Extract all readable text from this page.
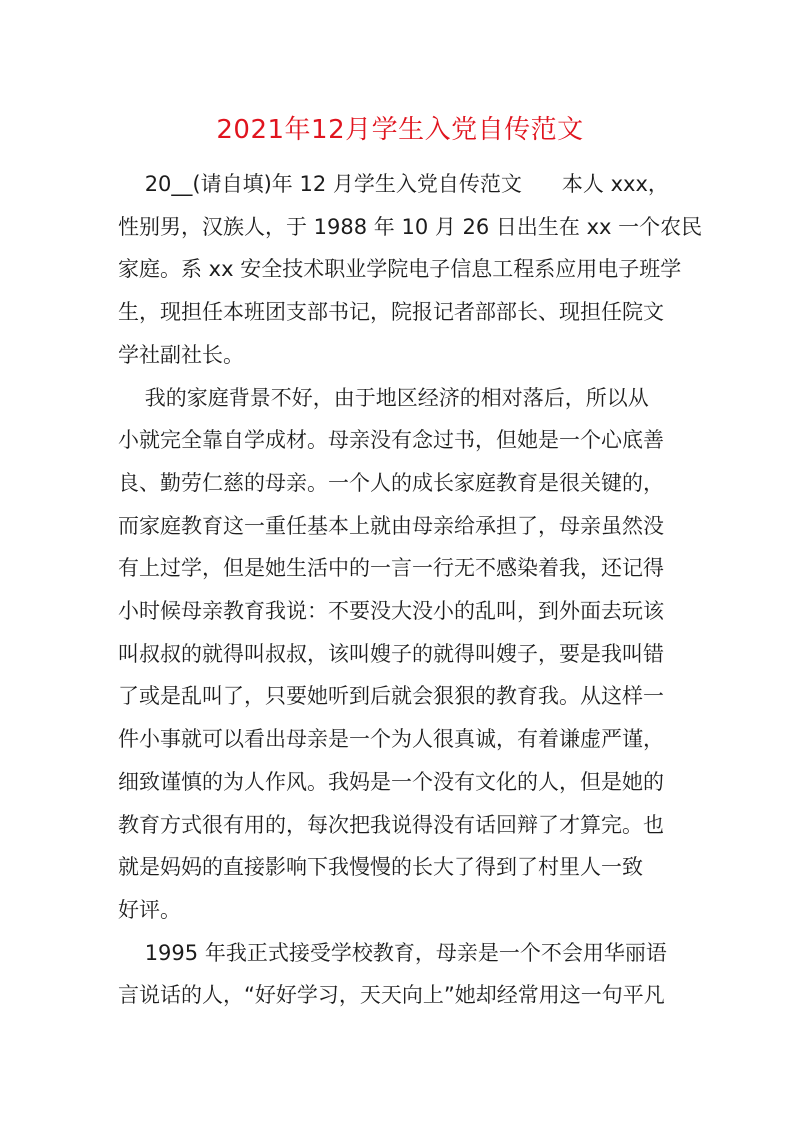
2021年12月学生入党自传范文
20__(请自填)年 12 月学生入党自传范文      本人 xxx，
性别男，汉族人，于 1988 年 10 月 26 日出生在 xx 一个农民
家庭。系 xx 安全技术职业学院电子信息工程系应用电子班学
生，现担任本班团支部书记，院报记者部部长、现担任院文
学社副社长。
我的家庭背景不好，由于地区经济的相对落后，所以从
小就完全靠自学成材。母亲没有念过书，但她是一个心底善
良、勤劳仁慈的母亲。一个人的成长家庭教育是很关键的，
而家庭教育这一重任基本上就由母亲给承担了，母亲虽然没
有上过学，但是她生活中的一言一行无不感染着我，还记得
小时候母亲教育我说：不要没大没小的乱叫，到外面去玩该
叫叔叔的就得叫叔叔，该叫嫂子的就得叫嫂子，要是我叫错
了或是乱叫了，只要她听到后就会狠狠的教育我。从这样一
件小事就可以看出母亲是一个为人很真诚，有着谦虚严谨，
细致谨慎的为人作风。我妈是一个没有文化的人，但是她的
教育方式很有用的，每次把我说得没有话回辩了才算完。也
就是妈妈的直接影响下我慢慢的长大了得到了村里人一致
好评。
1995 年我正式接受学校教育，母亲是一个不会用华丽语
言说话的人，“好好学习，天天向上”她却经常用这一句平凡
